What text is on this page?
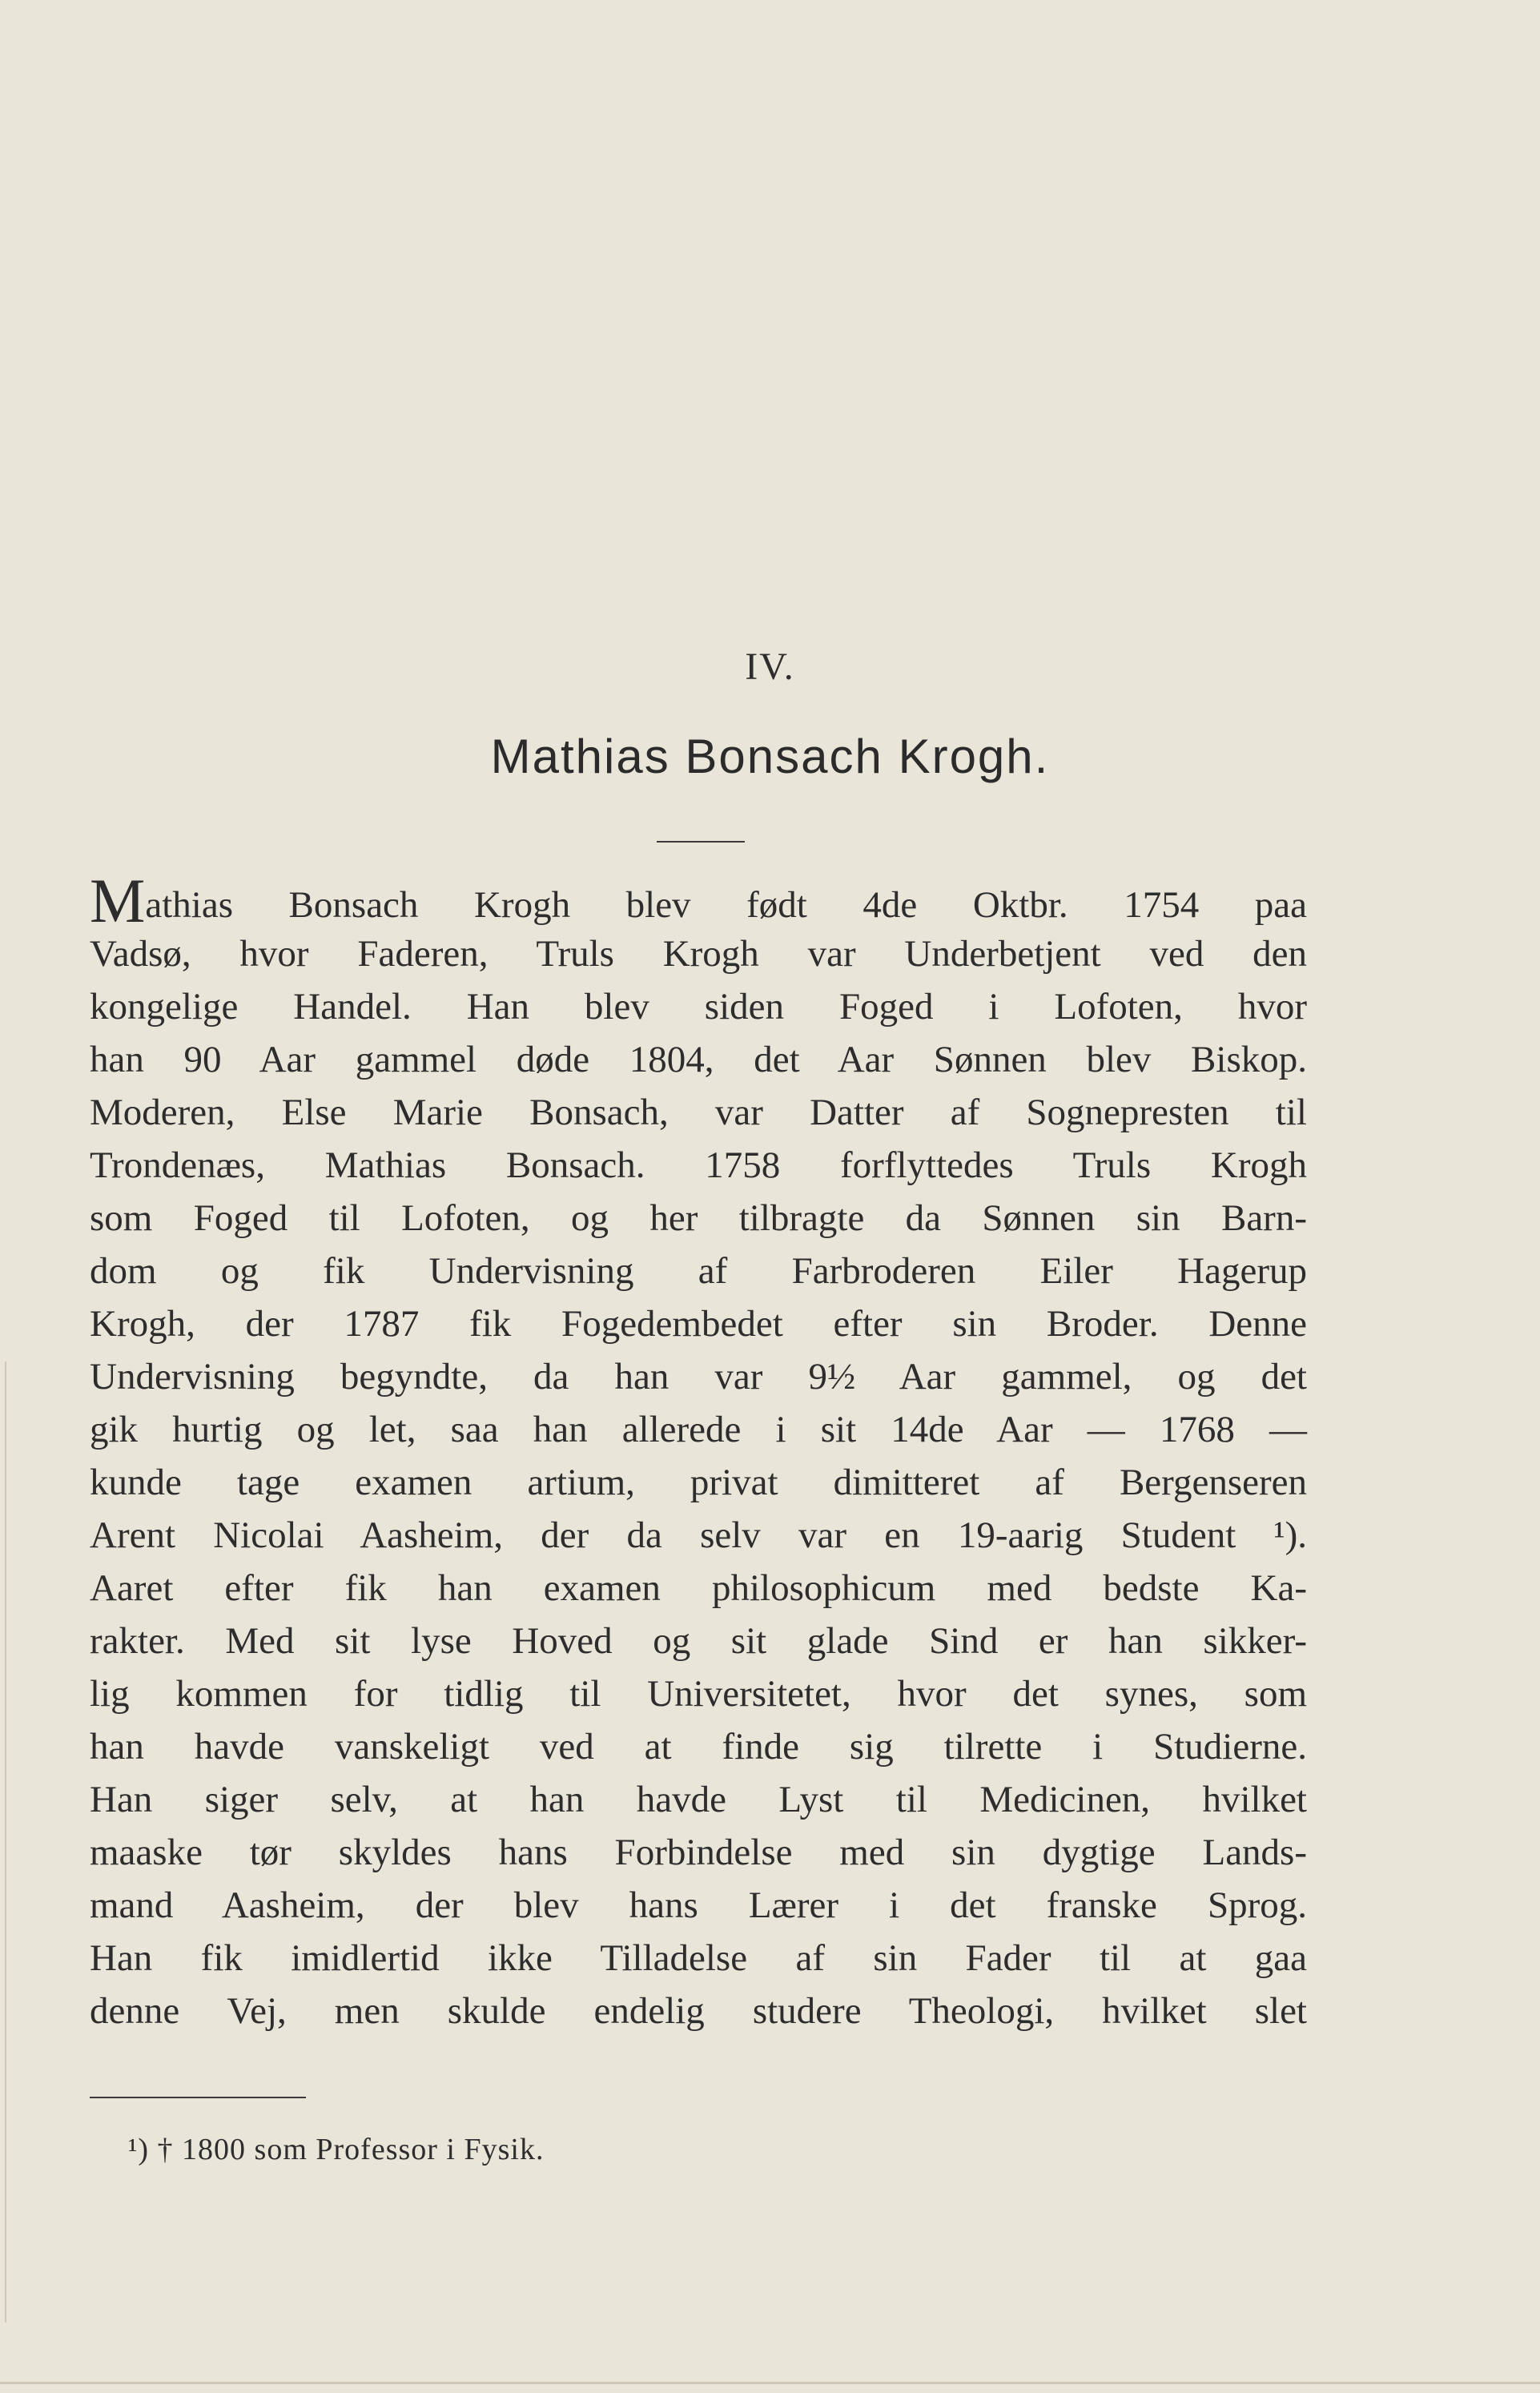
IV.
Mathias Bonsach Krogh.
Mathias Bonsach Krogh blev født 4de Oktbr. 1754 paa
Vadsø, hvor Faderen, Truls Krogh var Underbetjent ved den
kongelige Handel. Han blev siden Foged i Lofoten, hvor
han 90 Aar gammel døde 1804, det Aar Sønnen blev Biskop.
Moderen, Else Marie Bonsach, var Datter af Sognepresten til
Trondenæs, Mathias Bonsach. 1758 forflyttedes Truls Krogh
som Foged til Lofoten, og her tilbragte da Sønnen sin Barn-
dom og fik Undervisning af Farbroderen Eiler Hagerup
Krogh, der 1787 fik Fogedembedet efter sin Broder. Denne
Undervisning begyndte, da han var 9½ Aar gammel, og det
gik hurtig og let, saa han allerede i sit 14de Aar — 1768 —
kunde tage examen artium, privat dimitteret af Bergenseren
Arent Nicolai Aasheim, der da selv var en 19-aarig Student ¹).
Aaret efter fik han examen philosophicum med bedste Ka-
rakter. Med sit lyse Hoved og sit glade Sind er han sikker-
lig kommen for tidlig til Universitetet, hvor det synes, som
han havde vanskeligt ved at finde sig tilrette i Studierne.
Han siger selv, at han havde Lyst til Medicinen, hvilket
maaske tør skyldes hans Forbindelse med sin dygtige Lands-
mand Aasheim, der blev hans Lærer i det franske Sprog.
Han fik imidlertid ikke Tilladelse af sin Fader til at gaa
denne Vej, men skulde endelig studere Theologi, hvilket slet
¹) † 1800 som Professor i Fysik.
